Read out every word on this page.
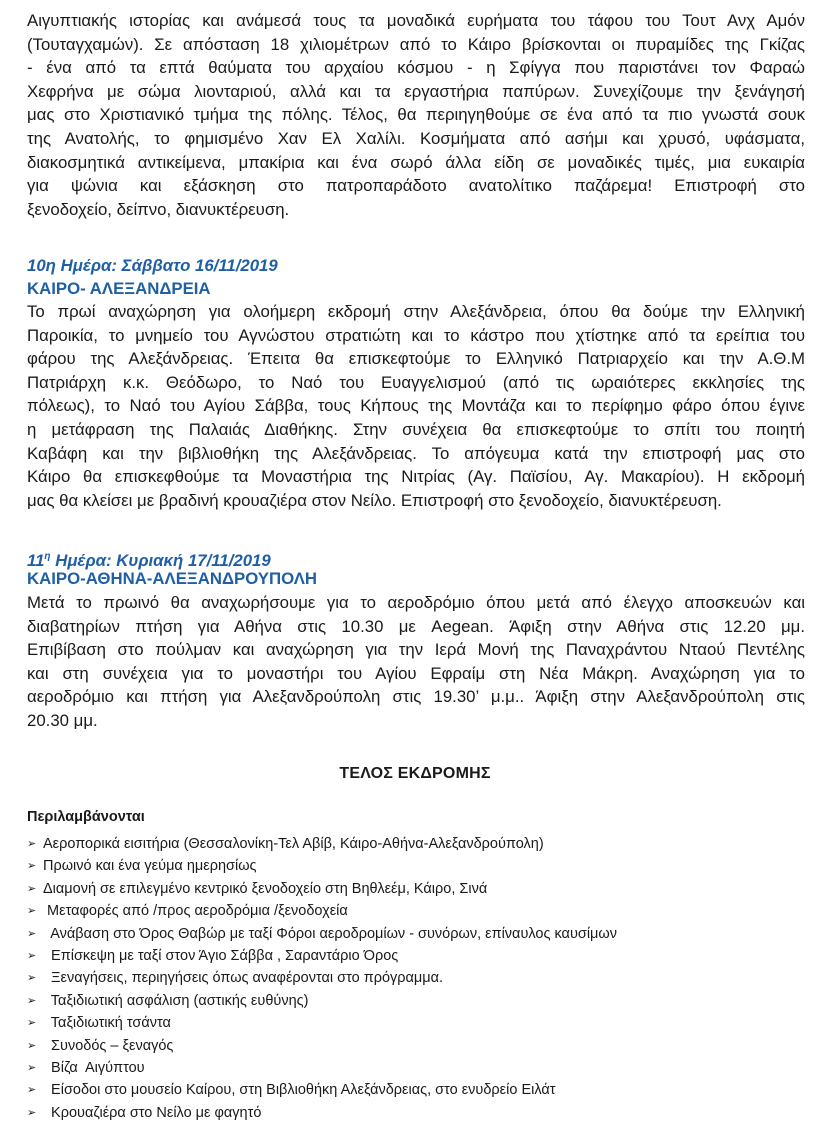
Αιγυπτιακής ιστορίας και ανάμεσά τους τα μοναδικά ευρήματα του τάφου του Τουτ Ανχ Αμόν
(Τουταγχαμών). Σε απόσταση 18 χιλιομέτρων από το Κάιρο βρίσκονται οι πυραμίδες της Γκίζας
- ένα από τα επτά θαύματα του αρχαίου κόσμου - η Σφίγγα που παριστάνει τον Φαραώ
Χεφρήνα με σώμα λιονταριού, αλλά και τα εργαστήρια παπύρων. Συνεχίζουμε την ξενάγησή
μας στο Χριστιανικό τμήμα της πόλης. Τέλος, θα περιηγηθούμε σε ένα από τα πιο γνωστά σουκ
της Ανατολής, το φημισμένο Χαν Ελ Χαλίλι. Κοσμήματα από ασήμι και χρυσό, υφάσματα,
διακοσμητικά αντικείμενα, μπακίρια και ένα σωρό άλλα είδη σε μοναδικές τιμές, μια ευκαιρία
για ψώνια και εξάσκηση στο πατροπαράδοτο ανατολίτικο παζάρεμα! Επιστροφή στο
ξενοδοχείο, δείπνο, διανυκτέρευση.
10η Ημέρα: Σάββατο 16/11/2019
ΚΑΙΡΟ- ΑΛΕΞΑΝΔΡΕΙΑ
Το πρωί αναχώρηση για ολοήμερη εκδρομή στην Αλεξάνδρεια, όπου θα δούμε την Ελληνική
Παροικία, το μνημείο του Αγνώστου στρατιώτη και το κάστρο που χτίστηκε από τα ερείπια του
φάρου της Αλεξάνδρειας. Έπειτα θα επισκεφτούμε το Ελληνικό Πατριαρχείο και την Α.Θ.Μ
Πατριάρχη κ.κ. Θεόδωρο, το Ναό του Ευαγγελισμού (από τις ωραιότερες εκκλησίες της
πόλεως), το Ναό του Αγίου Σάββα, τους Κήπους της Μοντάζα και το περίφημο φάρο όπου έγινε
η μετάφραση της Παλαιάς Διαθήκης. Στην συνέχεια θα επισκεφτούμε το σπίτι του ποιητή
Καβάφη και την βιβλιοθήκη της Αλεξάνδρειας. Το απόγευμα κατά την επιστροφή μας στο
Κάιρο θα επισκεφθούμε τα Μοναστήρια της Νιτρίας (Αγ. Παϊσίου, Αγ. Μακαρίου). Η εκδρομή
μας θα κλείσει με βραδινή κρουαζιέρα στον Νείλο. Επιστροφή στο ξενοδοχείο, διανυκτέρευση.
$11^\eta$ Ημέρα: Κυριακή 17/11/2019
ΚΑΙΡΟ-ΑΘΗΝΑ-ΑΛΕΞΑΝΔΡΟΥΠΟΛΗ
Μετά το πρωινό θα αναχωρήσουμε για το αεροδρόμιο όπου μετά από έλεγχο αποσκευών και
διαβατηρίων πτήση για Αθήνα στις 10.30 με Aegean. Άφιξη στην Αθήνα στις 12.20 μμ.
Επιβίβαση στο πούλμαν και αναχώρηση για την Ιερά Μονή της Παναχράντου Νταού Πεντέλης
και στη συνέχεια για το μοναστήρι του Αγίου Εφραίμ στη Νέα Μάκρη. Αναχώρηση για το
αεροδρόμιο και πτήση για Αλεξανδρούπολη στις 19.30’ μ.μ.. Άφιξη στην Αλεξανδρούπολη στις
20.30 μμ.
ΤΕΛΟΣ ΕΚΔΡΟΜΗΣ
Περιλαμβάνονται
➢ Αεροπορικά εισιτήρια (Θεσσαλονίκη-Τελ Αβίβ, Κάιρο-Αθήνα-Αλεξανδρούπολη)
➢ Πρωινό και ένα γεύμα ημερησίως
➢ Διαμονή σε επιλεγμένο κεντρικό ξενοδοχείο στη Βηθλεέμ, Κάιρο, Σινά
➢ Μεταφορές από /προς αεροδρόμια /ξενοδοχεία
➢  Ανάβαση στο Όρος Θαβώρ με ταξί Φόροι αεροδρομίων - συνόρων, επίναυλος καυσίμων
➢  Επίσκεψη με ταξί στον Άγιο Σάββα , Σαραντάριο Όρος
➢  Ξεναγήσεις, περιηγήσεις όπως αναφέρονται στο πρόγραμμα.
➢  Ταξιδιωτική ασφάλιση (αστικής ευθύνης)
➢  Ταξιδιωτική τσάντα
➢  Συνοδός – ξεναγός
➢  Βίζα  Αιγύπτου
➢  Είσοδοι στο μουσείο Καίρου, στη Βιβλιοθήκη Αλεξάνδρειας, στο ενυδρείο Ειλάτ
➢  Κρουαζιέρα στο Νείλο με φαγητό
